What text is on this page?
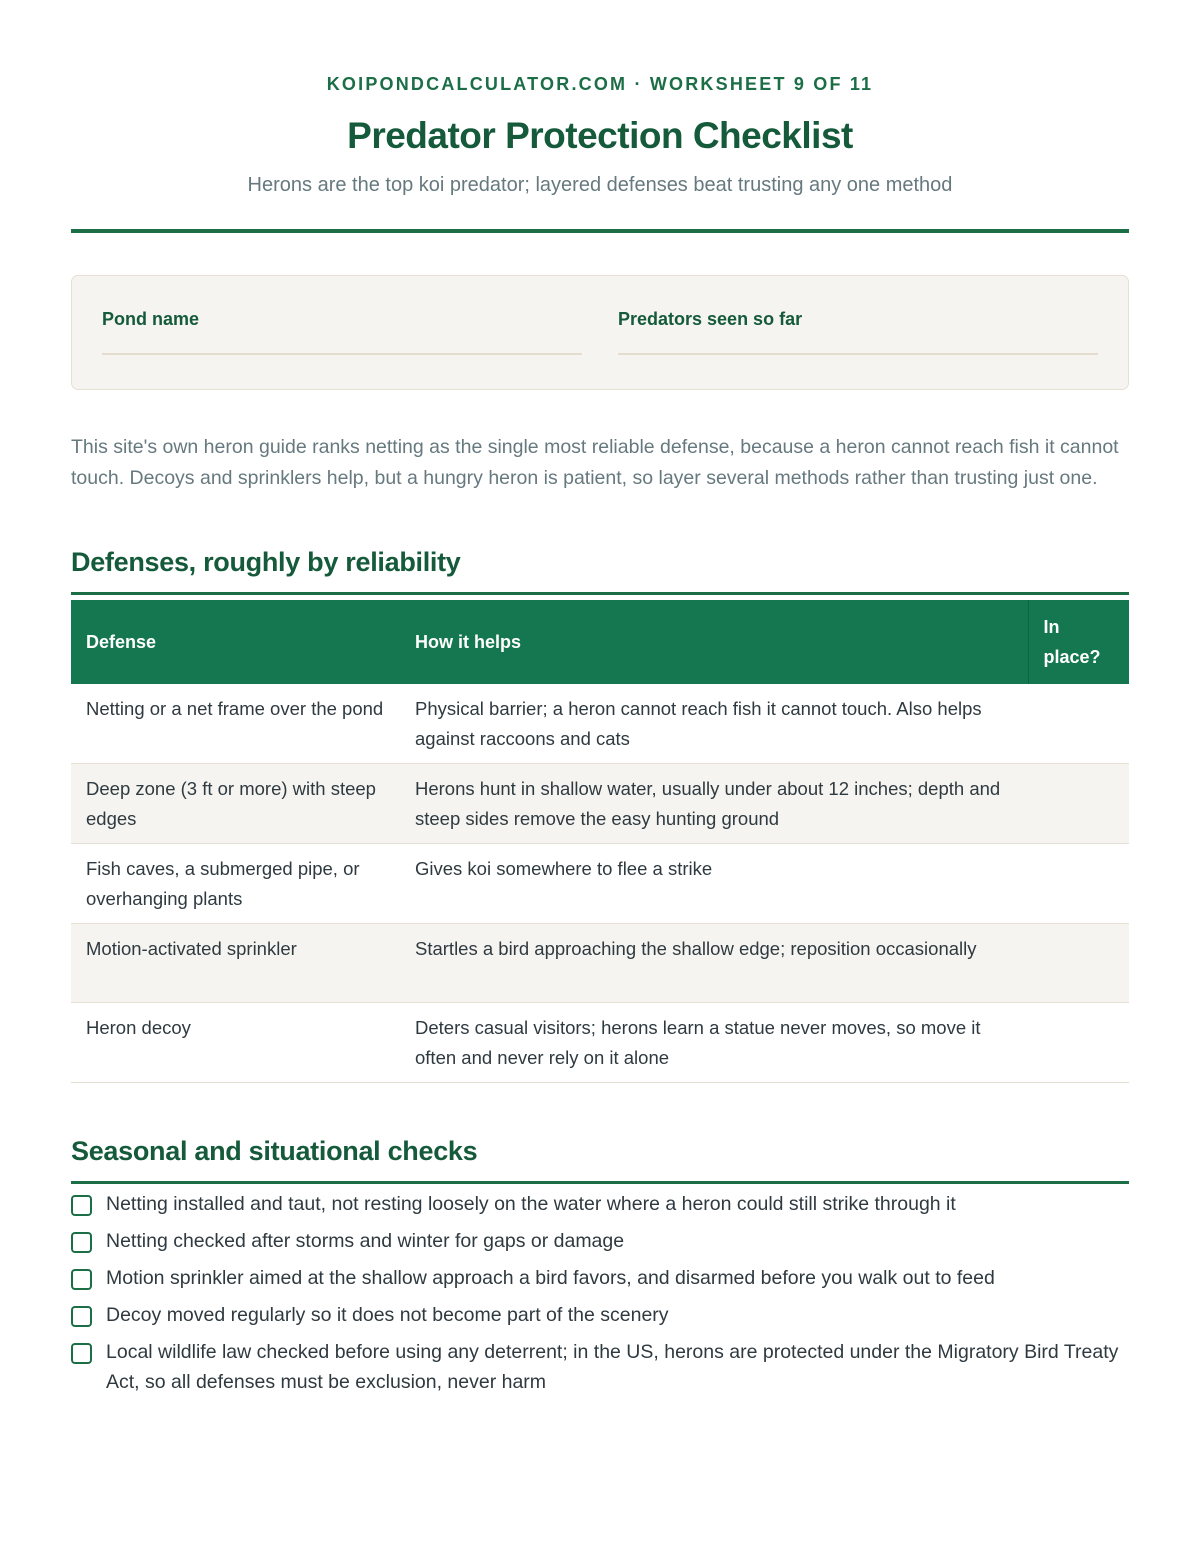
KOIPONDCALCULATOR.COM · WORKSHEET 9 OF 11

Predator Protection Checklist

Herons are the top koi predator; layered defenses beat trusting any one method

Pond name	Predators seen so far

This site's own heron guide ranks netting as the single most reliable defense, because a heron cannot reach fish it cannot touch. Decoys and sprinklers help, but a hungry heron is patient, so layer several methods rather than trusting just one.

Defenses, roughly by reliability
Defense	How it helps	In place?
Netting or a net frame over the pond	Physical barrier; a heron cannot reach fish it cannot touch. Also helps against raccoons and cats	
Deep zone (3 ft or more) with steep edges	Herons hunt in shallow water, usually under about 12 inches; depth and steep sides remove the easy hunting ground	
Fish caves, a submerged pipe, or overhanging plants	Gives koi somewhere to flee a strike	
Motion-activated sprinkler	Startles a bird approaching the shallow edge; reposition occasionally	
Heron decoy	Deters casual visitors; herons learn a statue never moves, so move it often and never rely on it alone	
Seasonal and situational checks
Netting installed and taut, not resting loosely on the water where a heron could still strike through it
Netting checked after storms and winter for gaps or damage
Motion sprinkler aimed at the shallow approach a bird favors, and disarmed before you walk out to feed
Decoy moved regularly so it does not become part of the scenery
Local wildlife law checked before using any deterrent; in the US, herons are protected under the Migratory Bird Treaty Act, so all defenses must be exclusion, never harm
